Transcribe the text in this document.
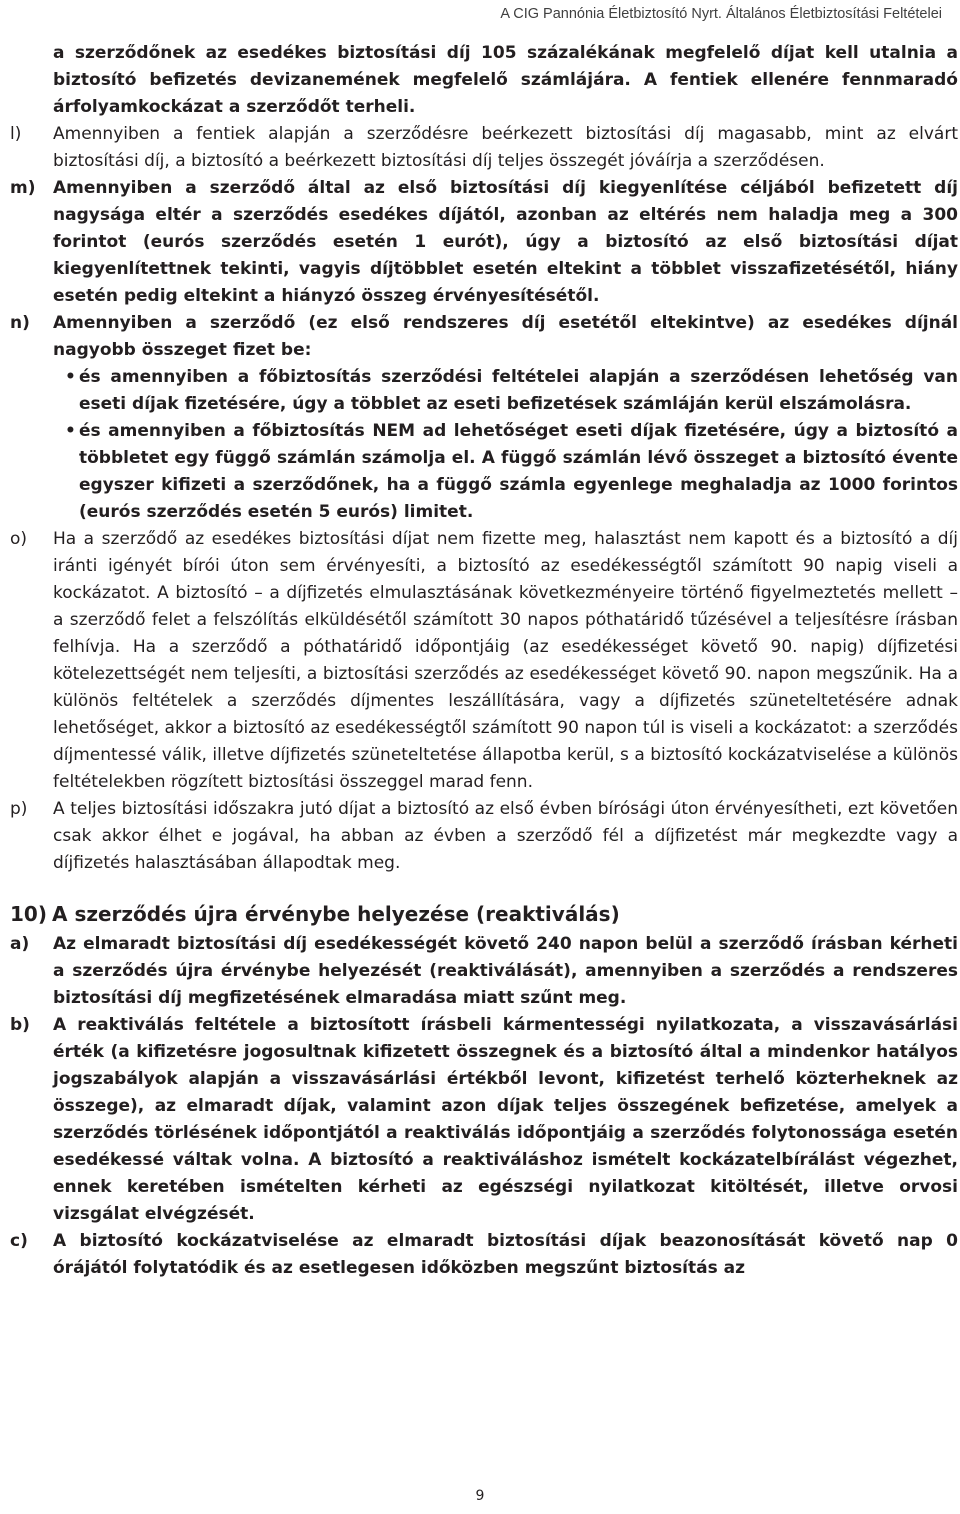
A CIG Pannónia Életbiztosító Nyrt. Általános Életbiztosítási Feltételei
a szerződőnek az esedékes biztosítási díj 105 százalékának megfelelő díjat kell utalnia a biztosító befizetés devizanemének megfelelő számlájára. A fentiek ellenére fennmaradó árfolyamkockázat a szerződőt terheli.
l)	Amennyiben a fentiek alapján a szerződésre beérkezett biztosítási díj magasabb, mint az elvárt biztosítási díj, a biztosító a beérkezett biztosítási díj teljes összegét jóváírja a szerződésen.
m)	Amennyiben a szerződő által az első biztosítási díj kiegyenlítése céljából befizetett díj nagysága eltér a szerződés esedékes díjától, azonban az eltérés nem haladja meg a 300 forintot (eurós szerződés esetén 1 eurót), úgy a biztosító az első biztosítási díjat kiegyenlítettnek tekinti, vagyis díjtöbblet esetén eltekint a többlet visszafizetésétől, hiány esetén pedig eltekint a hiányzó összeg érvényesítésétől.
n)	Amennyiben a szerződő (ez első rendszeres díj esetétől eltekintve) az esedékes díjnál nagyobb összeget fizet be:
• és amennyiben a főbiztosítás szerződési feltételei alapján a szerződésen lehetőség van eseti díjak fizetésére, úgy a többlet az eseti befizetések számláján kerül elszámolásra.
• és amennyiben a főbiztosítás NEM ad lehetőséget eseti díjak fizetésére, úgy a biztosító a többletet egy függő számlán számolja el. A függő számlán lévő összeget a biztosító évente egyszer kifizeti a szerződőnek, ha a függő számla egyenlege meghaladja az 1000 forintos (eurós szerződés esetén 5 eurós) limitet.
o)	Ha a szerződő az esedékes biztosítási díjat nem fizette meg, halasztást nem kapott és a biztosító a díj iránti igényét bírói úton sem érvényesíti, a biztosító az esedékességtől számított 90 napig viseli a kockázatot. A biztosító – a díjfizetés elmulasztásának következményeire történő figyelmeztetés mellett – a szerződő felet a felszólítás elküldésétől számított 30 napos póthatáridő tűzésével a teljesítésre írásban felhívja. Ha a szerződő a póthatáridő időpontjáig (az esedékességet követő 90. napig) díjfizetési kötelezettségét nem teljesíti, a biztosítási szerződés az esedékességet követő 90. napon megszűnik. Ha a különös feltételek a szerződés díjmentes leszállítására, vagy a díjfizetés szüneteltetésére adnak lehetőséget, akkor a biztosító az esedékességtől számított 90 napon túl is viseli a kockázatot: a szerződés díjmentessé válik, illetve díjfizetés szüneteltetése állapotba kerül, s a biztosító kockázatviselése a különös feltételekben rögzített biztosítási összeggel marad fenn.
p)	A teljes biztosítási időszakra jutó díjat a biztosító az első évben bírósági úton érvényesítheti, ezt követően csak akkor élhet e jogával, ha abban az évben a szerződő fél a díjfizetést már megkezdte vagy a díjfizetés halasztásában állapodtak meg.
10) A szerződés újra érvénybe helyezése (reaktiválás)
a)	Az elmaradt biztosítási díj esedékességét követő 240 napon belül a szerződő írásban kérheti a szerződés újra érvénybe helyezését (reaktiválását), amennyiben a szerződés a rendszeres biztosítási díj megfizetésének elmaradása miatt szűnt meg.
b)	A reaktiválás feltétele a biztosított írásbeli kármentességi nyilatkozata, a visszavásárlási érték (a kifizetésre jogosultnak kifizetett összegnek és a biztosító által a mindenkor hatályos jogszabályok alapján a visszavásárlási értékből levont, kifizetést terhelő közterheknek az összege), az elmaradt díjak, valamint azon díjak teljes összegének befizetése, amelyek a szerződés törlésének időpontjától a reaktiválás időpontjáig a szerződés folytonossága esetén esedékessé váltak volna. A biztosító a reaktiváláshoz ismételt kockázatelbírálást végezhet, ennek keretében ismételten kérheti az egészségi nyilatkozat kitöltését, illetve orvosi vizsgálat elvégzését.
c)	A biztosító kockázatviselése az elmaradt biztosítási díjak beazonosítását követő nap 0 órájától folytatódik és az esetlegesen időközben megszűnt biztosítás az
9
